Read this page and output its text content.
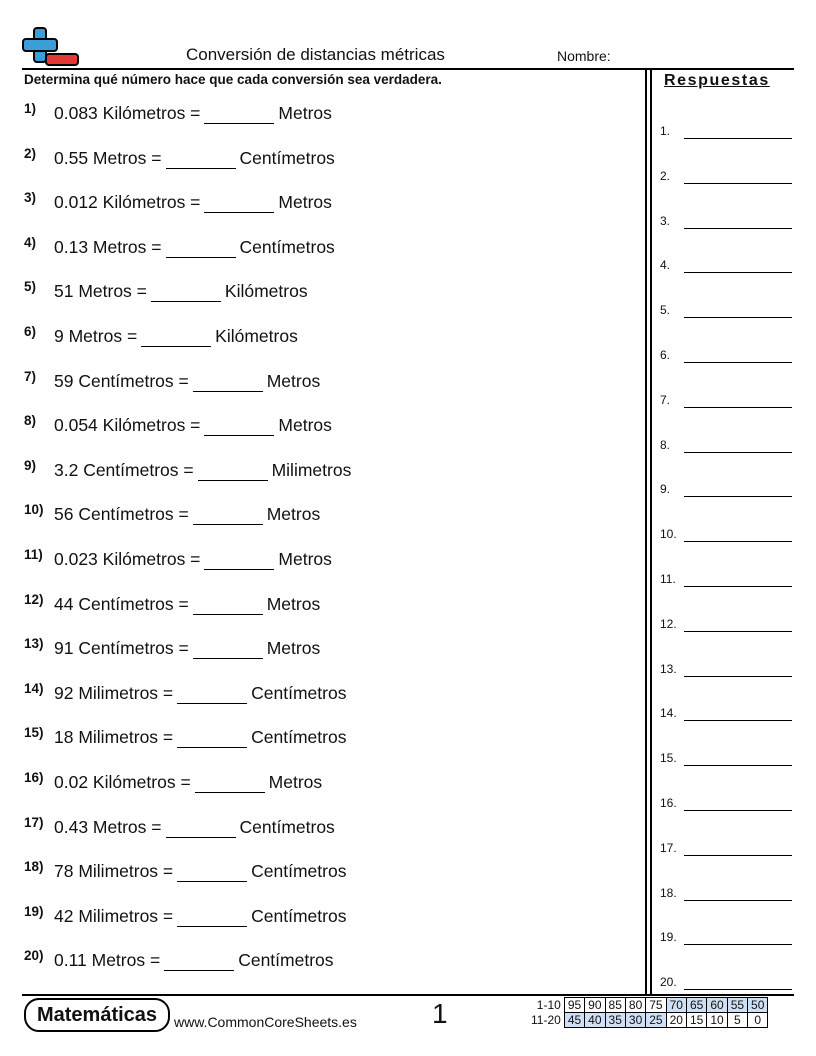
Conversión de distancias métricas	Nombre:
Determina qué número hace que cada conversión sea verdadera.
1) 0.083 Kilómetros =	Metros
2) 0.55 Metros =	Centímetros
3) 0.012 Kilómetros =	Metros
4) 0.13 Metros =	Centímetros
5) 51 Metros =	Kilómetros
6) 9 Metros =	Kilómetros
7) 59 Centímetros =	Metros
8) 0.054 Kilómetros =	Metros
9) 3.2 Centímetros =	Milimetros
10) 56 Centímetros =	Metros
11) 0.023 Kilómetros =	Metros
12) 44 Centímetros =	Metros
13) 91 Centímetros =	Metros
14) 92 Milimetros =	Centímetros
15) 18 Milimetros =	Centímetros
16) 0.02 Kilómetros =	Metros
17) 0.43 Metros =	Centímetros
18) 78 Milimetros =	Centímetros
19) 42 Milimetros =	Centímetros
20) 0.11 Metros =	Centímetros
Respuestas
1.
2.
3.
4.
5.
6.
7.
8.
9.
10.
11.
12.
13.
14.
15.
16.
17.
18.
19.
20.
Matemáticas	www.CommonCoreSheets.es	1	1-10	95	90	85	80	75	70	65	60	55	50
11-20	45	40	35	30	25	20	15	10	5	0
